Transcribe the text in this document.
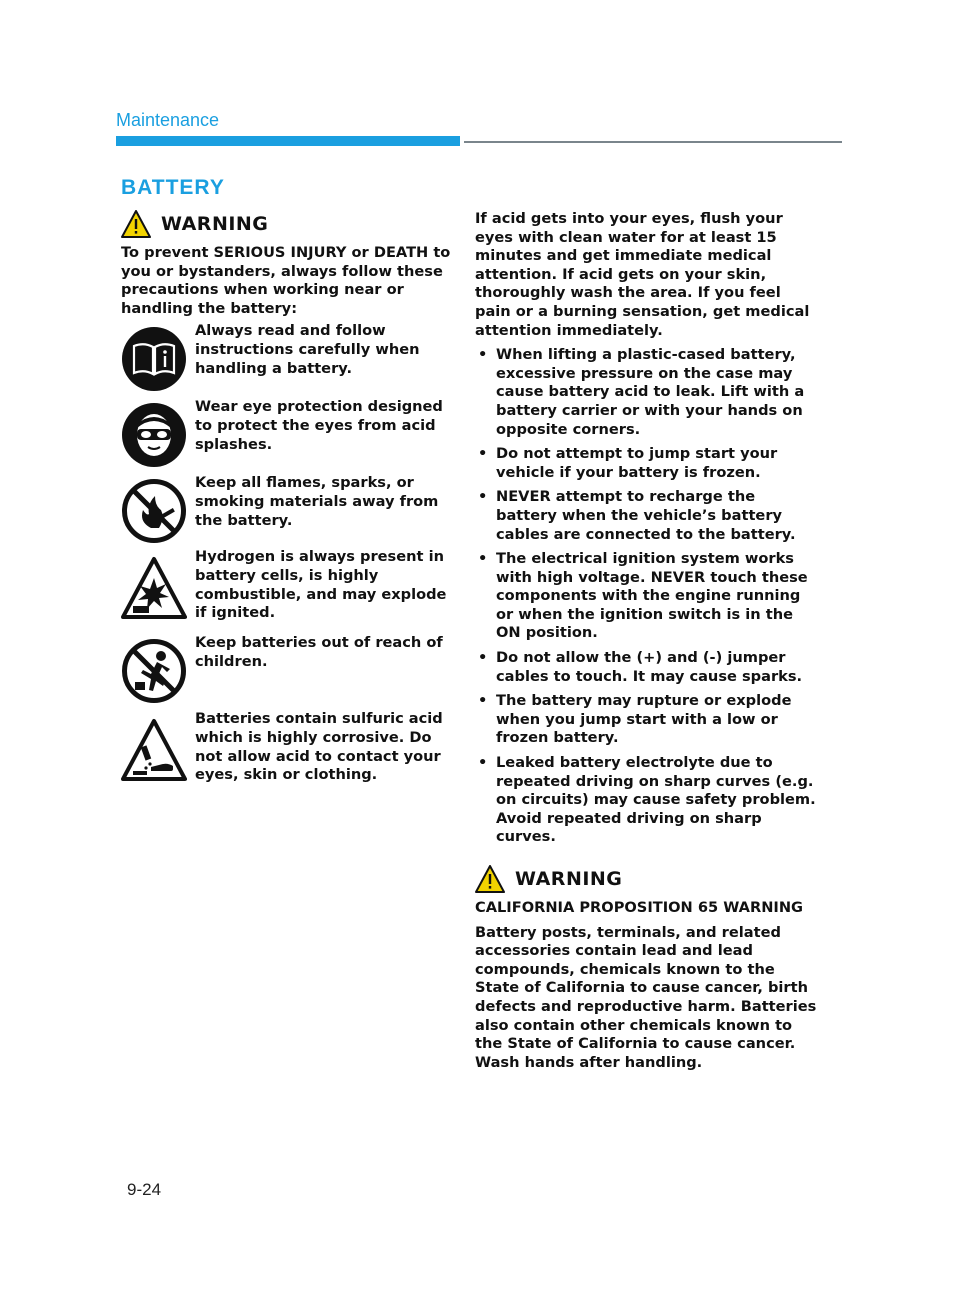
Maintenance
BATTERY
WARNING

To prevent SERIOUS INJURY or DEATH to you or bystanders, always follow these precautions when working near or handling the battery:

Always read and follow instructions carefully when handling a battery.

Wear eye protection designed to protect the eyes from acid splashes.

Keep all flames, sparks, or smoking materials away from the battery.

Hydrogen is always present in battery cells, is highly combustible, and may explode if ignited.

Keep batteries out of reach of children.

Batteries contain sulfuric acid which is highly corrosive. Do not allow acid to contact your eyes, skin or clothing.

If acid gets into your eyes, flush your eyes with clean water for at least 15 minutes and get immediate medical attention. If acid gets on your skin, thoroughly wash the area. If you feel pain or a burning sensation, get medical attention immediately.

• When lifting a plastic-cased battery, excessive pressure on the case may cause battery acid to leak. Lift with a battery carrier or with your hands on opposite corners.
• Do not attempt to jump start your vehicle if your battery is frozen.
• NEVER attempt to recharge the battery when the vehicle’s battery cables are connected to the battery.
• The electrical ignition system works with high voltage. NEVER touch these components with the engine running or when the ignition switch is in the ON position.
• Do not allow the (+) and (-) jumper cables to touch. It may cause sparks.
• The battery may rupture or explode when you jump start with a low or frozen battery.
• Leaked battery electrolyte due to repeated driving on sharp curves (e.g. on circuits) may cause safety problem. Avoid repeated driving on sharp curves.
WARNING

CALIFORNIA PROPOSITION 65 WARNING

Battery posts, terminals, and related accessories contain lead and lead compounds, chemicals known to the State of California to cause cancer, birth defects and reproductive harm. Batteries also contain other chemicals known to the State of California to cause cancer. Wash hands after handling.

9-24
